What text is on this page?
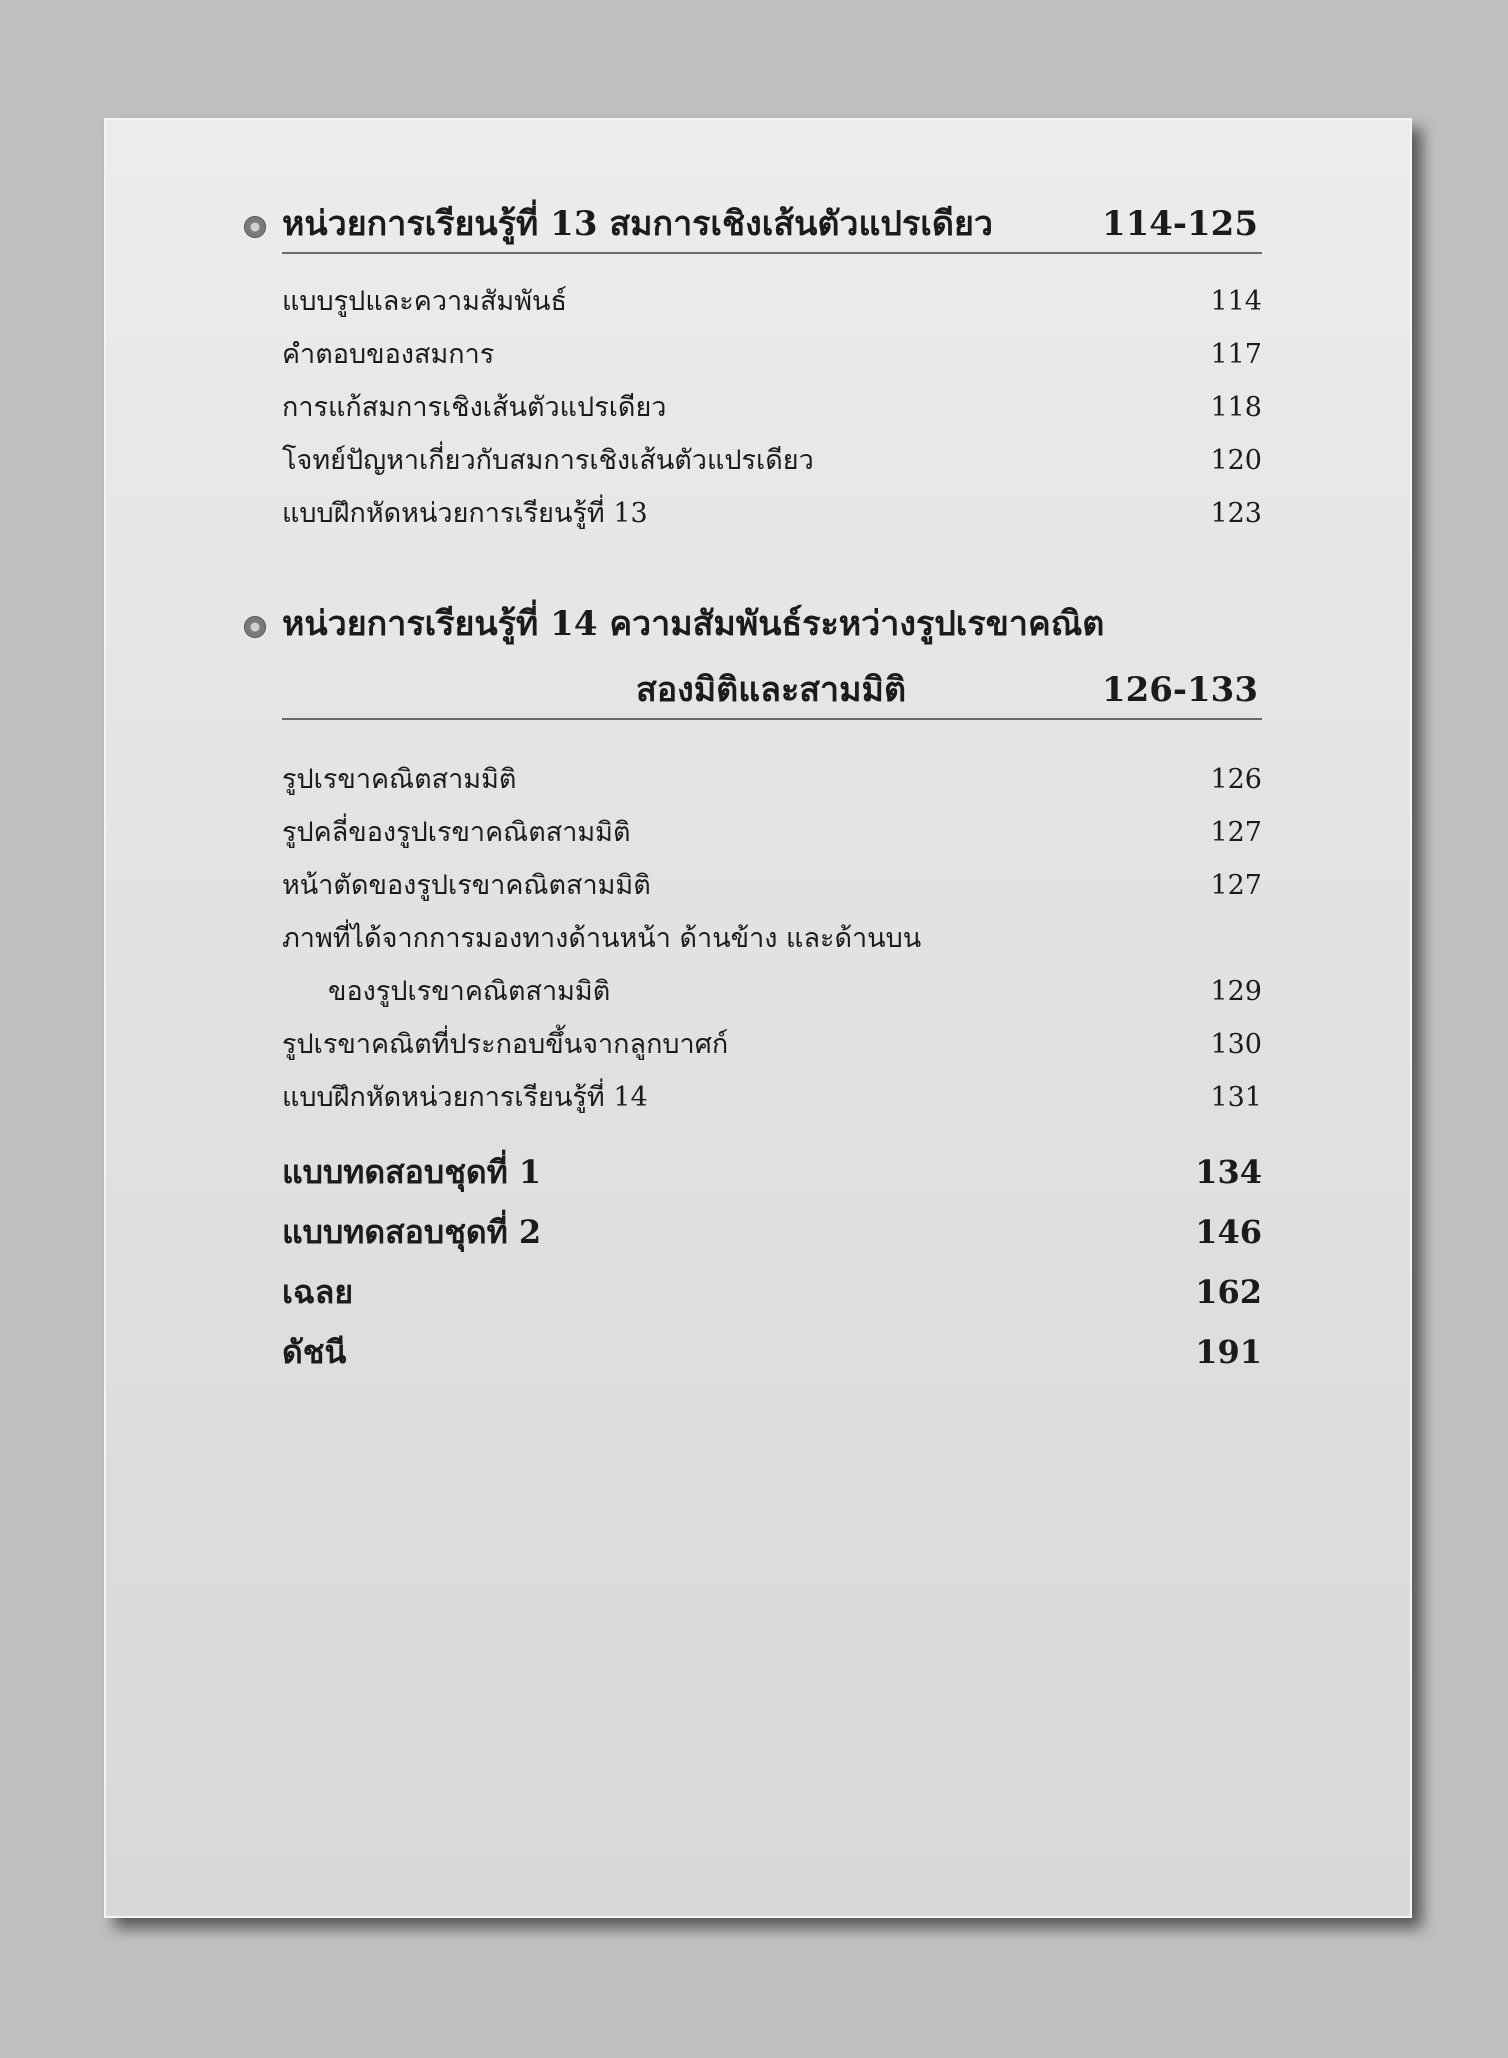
หน่วยการเรียนรู้ที่ 13 สมการเชิงเส้นตัวแปรเดียว	114-125
แบบรูปและความสัมพันธ์	114
คำตอบของสมการ	117
การแก้สมการเชิงเส้นตัวแปรเดียว	118
โจทย์ปัญหาเกี่ยวกับสมการเชิงเส้นตัวแปรเดียว	120
แบบฝึกหัดหน่วยการเรียนรู้ที่ 13	123
หน่วยการเรียนรู้ที่ 14 ความสัมพันธ์ระหว่างรูปเรขาคณิต
สองมิติและสามมิติ	126-133
รูปเรขาคณิตสามมิติ	126
รูปคลี่ของรูปเรขาคณิตสามมิติ	127
หน้าตัดของรูปเรขาคณิตสามมิติ	127
ภาพที่ได้จากการมองทางด้านหน้า ด้านข้าง และด้านบน
ของรูปเรขาคณิตสามมิติ	129
รูปเรขาคณิตที่ประกอบขึ้นจากลูกบาศก์	130
แบบฝึกหัดหน่วยการเรียนรู้ที่ 14	131
แบบทดสอบชุดที่ 1	134
แบบทดสอบชุดที่ 2	146
เฉลย	162
ดัชนี	191
